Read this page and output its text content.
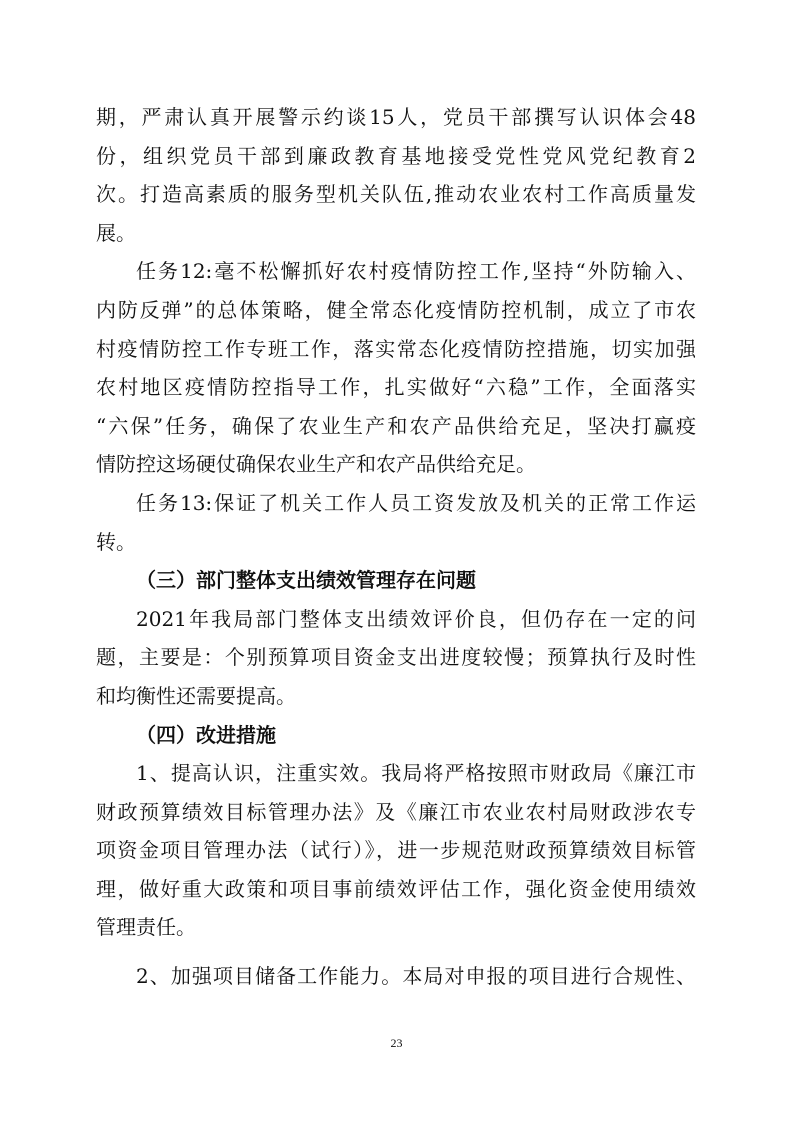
期，严肃认真开展警示约谈15人，党员干部撰写认识体会48
份，组织党员干部到廉政教育基地接受党性党风党纪教育2
次。打造高素质的服务型机关队伍,推动农业农村工作高质量发
展。
任务12:毫不松懈抓好农村疫情防控工作,坚持“外防输入、
内防反弹”的总体策略，健全常态化疫情防控机制，成立了市农
村疫情防控工作专班工作，落实常态化疫情防控措施，切实加强
农村地区疫情防控指导工作，扎实做好“六稳”工作，全面落实
“六保”任务，确保了农业生产和农产品供给充足，坚决打赢疫
情防控这场硬仗确保农业生产和农产品供给充足。
任务13:保证了机关工作人员工资发放及机关的正常工作运
转。
（三）部门整体支出绩效管理存在问题
2021年我局部门整体支出绩效评价良，但仍存在一定的问
题，主要是：个别预算项目资金支出进度较慢；预算执行及时性
和均衡性还需要提高。
（四）改进措施
1、提高认识，注重实效。我局将严格按照市财政局《廉江市
财政预算绩效目标管理办法》及《廉江市农业农村局财政涉农专
项资金项目管理办法（试行）》，进一步规范财政预算绩效目标管
理，做好重大政策和项目事前绩效评估工作，强化资金使用绩效
管理责任。
2、加强项目储备工作能力。本局对申报的项目进行合规性、
23
